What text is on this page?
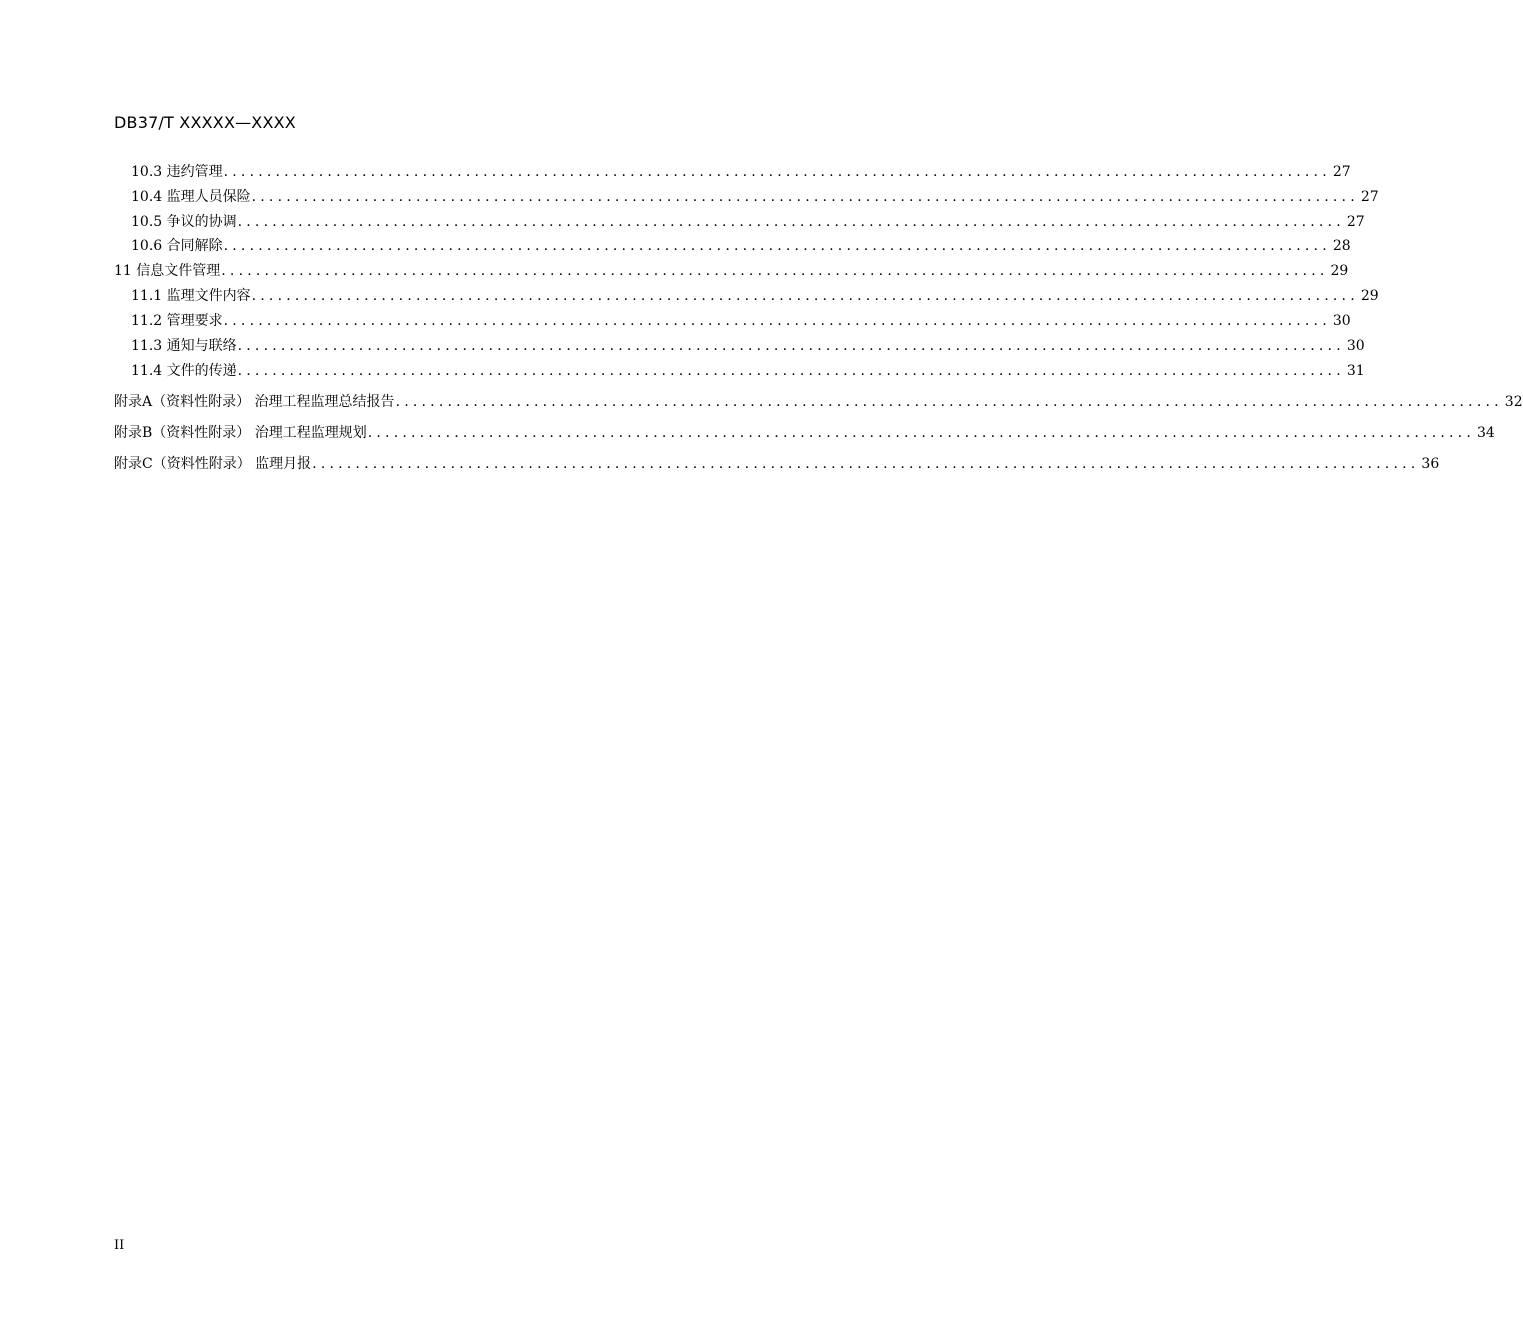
DB37/T XXXXX—XXXX
10.3 违约管理 ................................................................................................................................ 27
10.4 监理人员保险 ................................................................................................................................ 27
10.5 争议的协调 ................................................................................................................................ 27
10.6 合同解除 ................................................................................................................................ 28
11 信息文件管理 ................................................................................................................................ 29
11.1 监理文件内容 ................................................................................................................................ 29
11.2 管理要求 ................................................................................................................................ 30
11.3 通知与联络 ................................................................................................................................ 30
11.4 文件的传递 ................................................................................................................................ 31
附录A（资料性附录） 治理工程监理总结报告 ................................................................................................................................ 32
附录B（资料性附录） 治理工程监理规划 ................................................................................................................................ 34
附录C（资料性附录） 监理月报 ................................................................................................................................ 36
II
